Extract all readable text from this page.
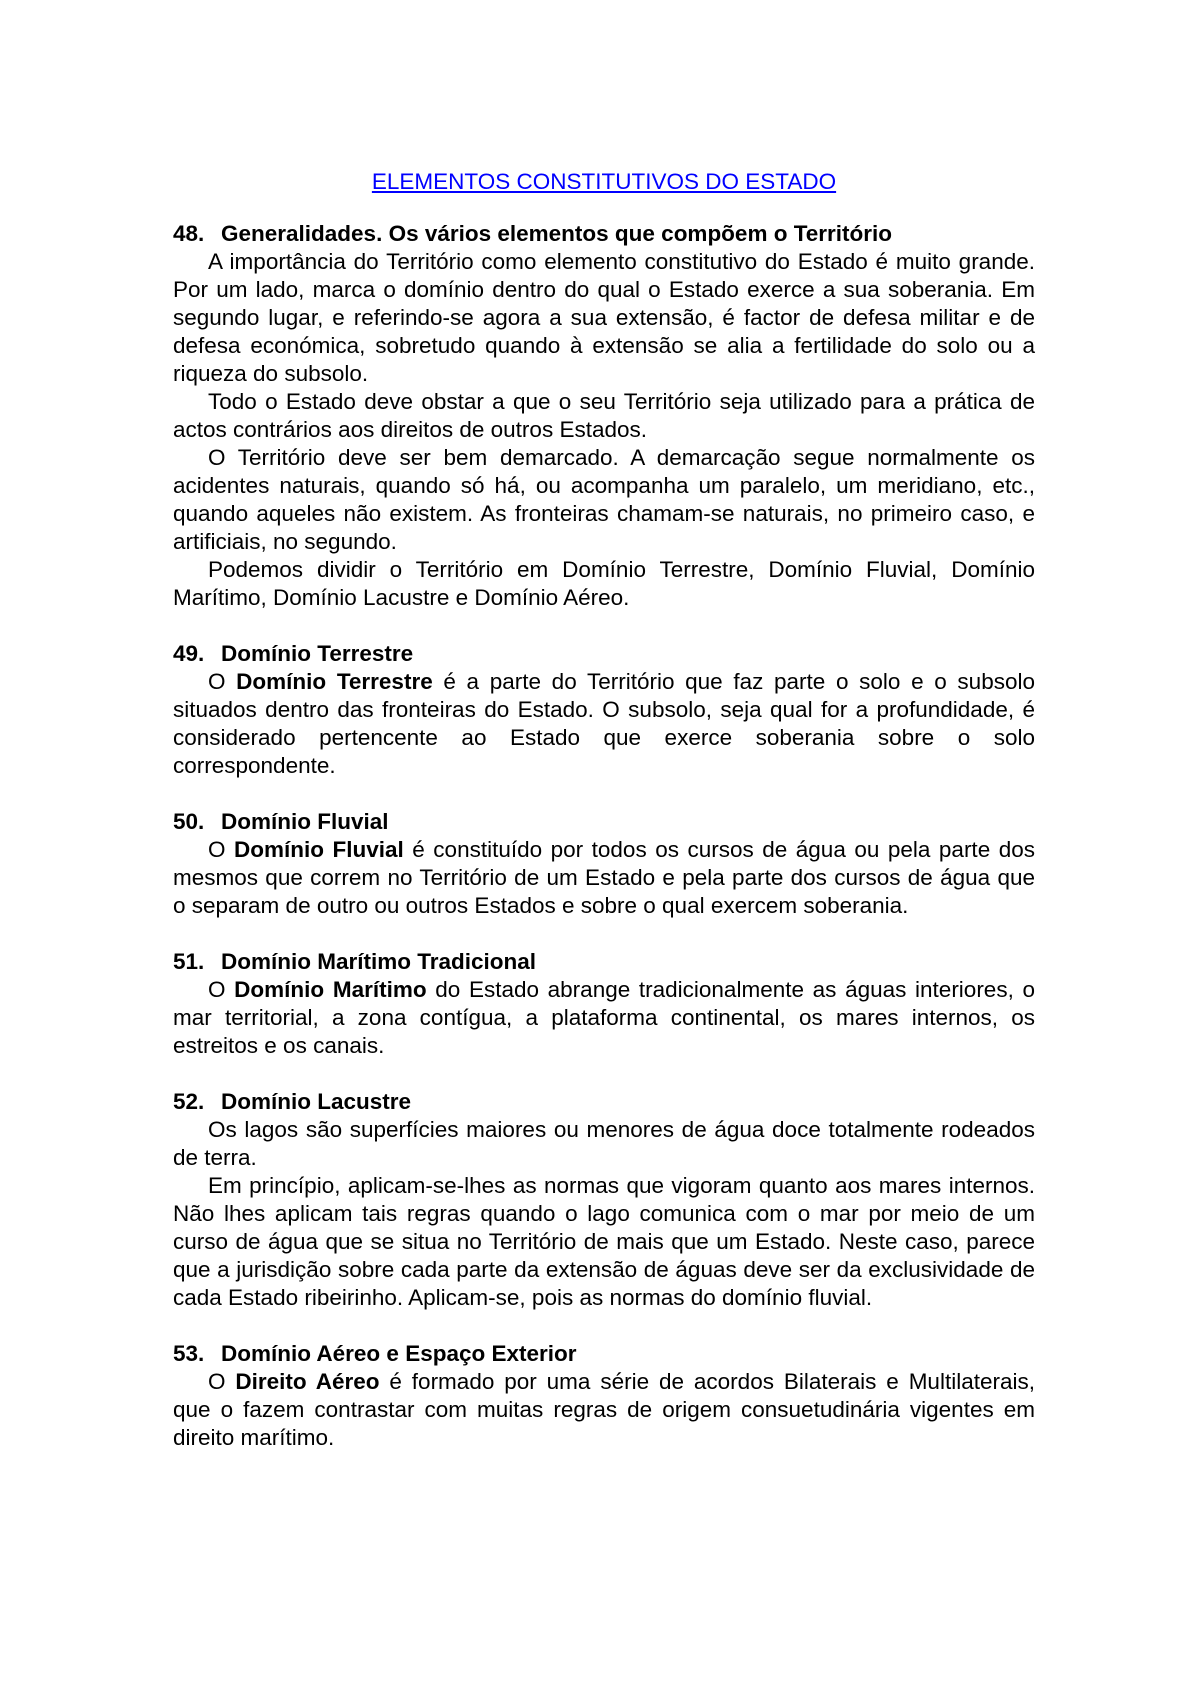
ELEMENTOS CONSTITUTIVOS DO ESTADO

48. Generalidades. Os vários elementos que compõem o Território

A importância do Território como elemento constitutivo do Estado é muito grande. Por um lado, marca o domínio dentro do qual o Estado exerce a sua soberania. Em segundo lugar, e referindo-se agora a sua extensão, é factor de defesa militar e de defesa económica, sobretudo quando à extensão se alia a fertilidade do solo ou a riqueza do subsolo.

Todo o Estado deve obstar a que o seu Território seja utilizado para a prática de actos contrários aos direitos de outros Estados.

O Território deve ser bem demarcado. A demarcação segue normalmente os acidentes naturais, quando só há, ou acompanha um paralelo, um meridiano, etc., quando aqueles não existem. As fronteiras chamam-se naturais, no primeiro caso, e artificiais, no segundo.

Podemos dividir o Território em Domínio Terrestre, Domínio Fluvial, Domínio Marítimo, Domínio Lacustre e Domínio Aéreo.

49. Domínio Terrestre

O Domínio Terrestre é a parte do Território que faz parte o solo e o subsolo situados dentro das fronteiras do Estado. O subsolo, seja qual for a profundidade, é considerado pertencente ao Estado que exerce soberania sobre o solo correspondente.

50. Domínio Fluvial

O Domínio Fluvial é constituído por todos os cursos de água ou pela parte dos mesmos que correm no Território de um Estado e pela parte dos cursos de água que o separam de outro ou outros Estados e sobre o qual exercem soberania.

51. Domínio Marítimo Tradicional

O Domínio Marítimo do Estado abrange tradicionalmente as águas interiores, o mar territorial, a zona contígua, a plataforma continental, os mares internos, os estreitos e os canais.

52. Domínio Lacustre

Os lagos são superfícies maiores ou menores de água doce totalmente rodeados de terra.

Em princípio, aplicam-se-lhes as normas que vigoram quanto aos mares internos. Não lhes aplicam tais regras quando o lago comunica com o mar por meio de um curso de água que se situa no Território de mais que um Estado. Neste caso, parece que a jurisdição sobre cada parte da extensão de águas deve ser da exclusividade de cada Estado ribeirinho. Aplicam-se, pois as normas do domínio fluvial.

53. Domínio Aéreo e Espaço Exterior

O Direito Aéreo é formado por uma série de acordos Bilaterais e Multilaterais, que o fazem contrastar com muitas regras de origem consuetudinária vigentes em direito marítimo.
